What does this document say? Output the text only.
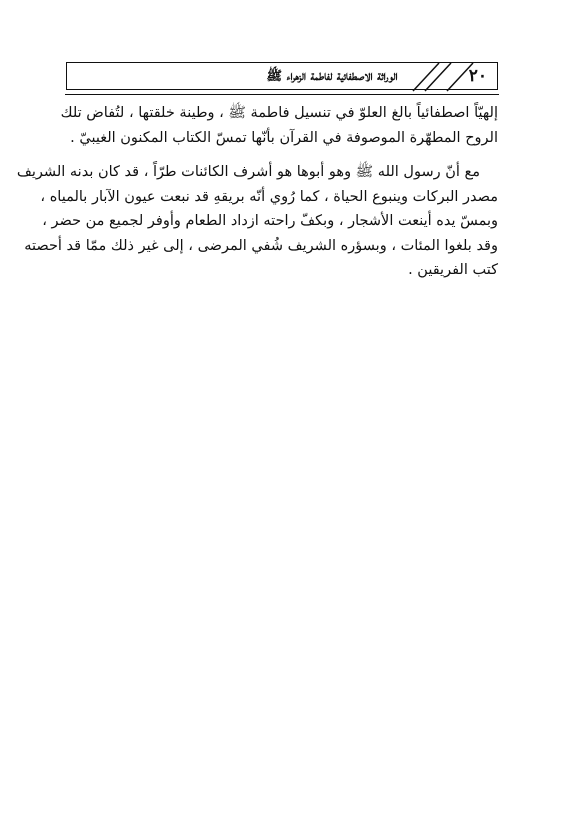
٢٠
الوراثة الاصطفائية لفاطمة الزهراء ﷺ
إلهيّاً اصطفائياً بالغ العلوّ في تنسيل فاطمة ﷺ ، وطينة خلقتها ، لتُفاض تلك
الروح المطهّرة الموصوفة في القرآن بأنّها تمسّ الكتاب المكنون الغيبيّ .
مع أنّ رسول الله ﷺ وهو أبوها هو أشرف الكائنات طرّاً ، قد كان بدنه الشريف
مصدر البركات وينبوع الحياة ، كما رُوي أنّه بريقهِ قد نبعت عيون الآبار بالمياه ،
وبمسّ يده أينعت الأشجار ، وبكفّ راحته ازداد الطعام وأوفر لجميع من حضر ،
وقد بلغوا المئات ، وبسؤره الشريف شُفي المرضى ، إلى غير ذلك ممّا قد أحصته
كتب الفريقين .
